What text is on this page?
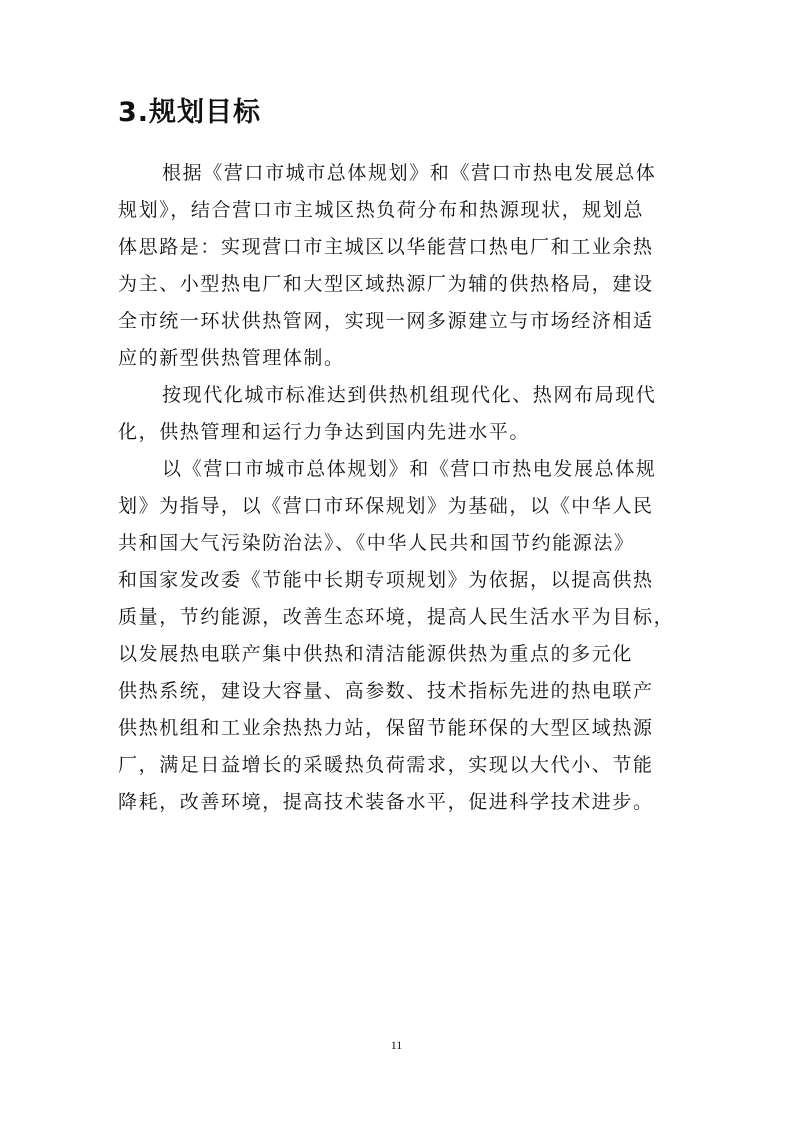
3.规划目标
根据《营口市城市总体规划》和《营口市热电发展总体
规划》，结合营口市主城区热负荷分布和热源现状，规划总
体思路是：实现营口市主城区以华能营口热电厂和工业余热
为主、小型热电厂和大型区域热源厂为辅的供热格局，建设
全市统一环状供热管网，实现一网多源建立与市场经济相适
应的新型供热管理体制。
按现代化城市标准达到供热机组现代化、热网布局现代
化，供热管理和运行力争达到国内先进水平。
以《营口市城市总体规划》和《营口市热电发展总体规
划》为指导，以《营口市环保规划》为基础，以《中华人民
共和国大气污染防治法》、《中华人民共和国节约能源法》
和国家发改委《节能中长期专项规划》为依据，以提高供热
质量，节约能源，改善生态环境，提高人民生活水平为目标，
以发展热电联产集中供热和清洁能源供热为重点的多元化
供热系统，建设大容量、高参数、技术指标先进的热电联产
供热机组和工业余热热力站，保留节能环保的大型区域热源
厂，满足日益增长的采暖热负荷需求，实现以大代小、节能
降耗，改善环境，提高技术装备水平，促进科学技术进步。
11
